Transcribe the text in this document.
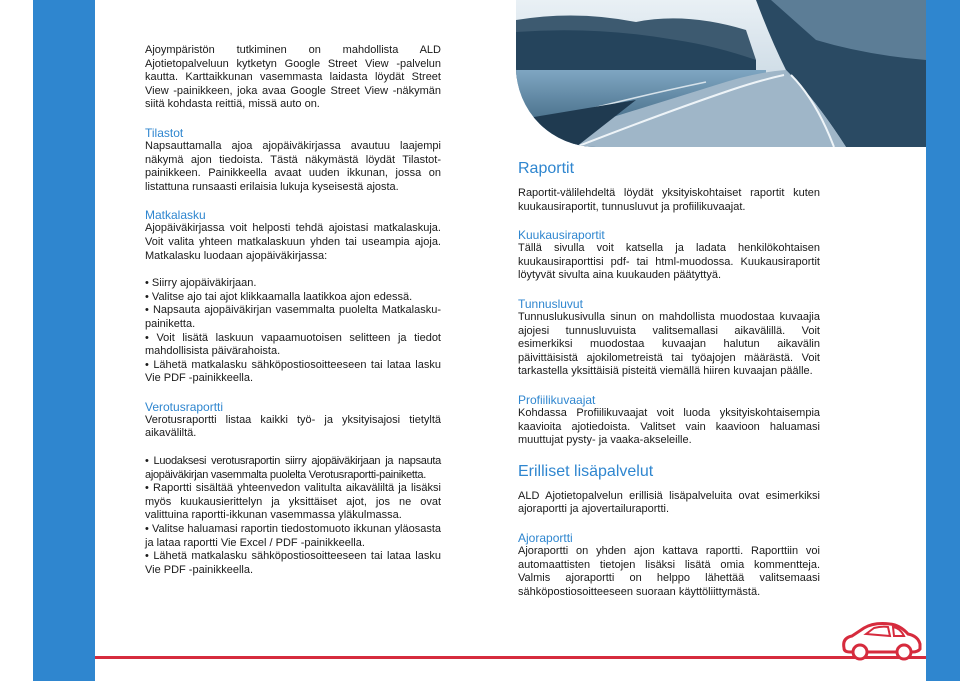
Ajoympäristön tutkiminen on mahdollista ALD Ajotietopalveluun kytketyn Google Street View -palvelun kautta. Karttaikkunan vasemmasta laidasta löydät Street View -painikkeen, joka avaa Google Street View -näkymän siitä kohdasta reittiä, missä auto on.

Tilastot

Napsauttamalla ajoa ajopäiväkirjassa avautuu laajempi näkymä ajon tiedoista. Tästä näkymästä löydät Tilastot-painikkeen. Painikkeella avaat uuden ikkunan, jossa on listattuna runsaasti erilaisia lukuja kyseisestä ajosta.

Matkalasku

Ajopäiväkirjassa voit helposti tehdä ajoistasi matkalaskuja. Voit valita yhteen matkalaskuun yhden tai useampia ajoja. Matkalasku luodaan ajopäiväkirjassa:

• Siirry ajopäiväkirjaan.
• Valitse ajo tai ajot klikkaamalla laatikkoa ajon edessä.
• Napsauta ajopäiväkirjan vasemmalta puolelta Matkalasku-painiketta.
• Voit lisätä laskuun vapaamuotoisen selitteen ja tiedot mahdollisista päivärahoista.
• Lähetä matkalasku sähköpostiosoitteeseen tai lataa lasku Vie PDF -painikkeella.
Verotusraportti

Verotusraportti listaa kaikki työ- ja yksityisajosi tietyltä aikaväliltä.

• Luodaksesi verotusraportin siirry ajopäiväkirjaan ja napsauta ajopäiväkirjan vasemmalta puolelta Verotusraportti-painiketta.
• Raportti sisältää yhteenvedon valitulta aikaväliltä ja lisäksi myös kuukausierittelyn ja yksittäiset ajot, jos ne ovat valittuina raportti-ikkunan vasemmassa yläkulmassa.
• Valitse haluamasi raportin tiedostomuoto ikkunan yläosasta ja lataa raportti Vie Excel / PDF -painikkeella.
• Lähetä matkalasku sähköpostiosoitteeseen tai lataa lasku Vie PDF -painikkeella.
Raportit

Raportit-välilehdeltä löydät yksityiskohtaiset raportit kuten kuukausiraportit, tunnusluvut ja profiilikuvaajat.

Kuukausiraportit

Tällä sivulla voit katsella ja ladata henkilökohtaisen kuukausiraporttisi pdf- tai html-muodossa. Kuukausiraportit löytyvät sivulta aina kuukauden päätyttyä.

Tunnusluvut

Tunnuslukusivulla sinun on mahdollista muodostaa kuvaajia ajojesi tunnusluvuista valitsemallasi aikavälillä. Voit esimerkiksi muodostaa kuvaajan halutun aikavälin päivittäisistä ajokilometreistä tai työajojen määrästä. Voit tarkastella yksittäisiä pisteitä viemällä hiiren kuvaajan päälle.

Profiilikuvaajat

Kohdassa Profiilikuvaajat voit luoda yksityiskohtaisempia kaavioita ajotiedoista. Valitset vain kaavioon haluamasi muuttujat pysty- ja vaaka-akseleille.

Erilliset lisäpalvelut

ALD Ajotietopalvelun erillisiä lisäpalveluita ovat esimerkiksi ajoraportti ja ajovertailuraportti.

Ajoraportti

Ajoraportti on yhden ajon kattava raportti. Raporttiin voi automaattisten tietojen lisäksi lisätä omia kommentteja. Valmis ajoraportti on helppo lähettää valitsemaasi sähköpostiosoitteeseen suoraan käyttöliittymästä.
